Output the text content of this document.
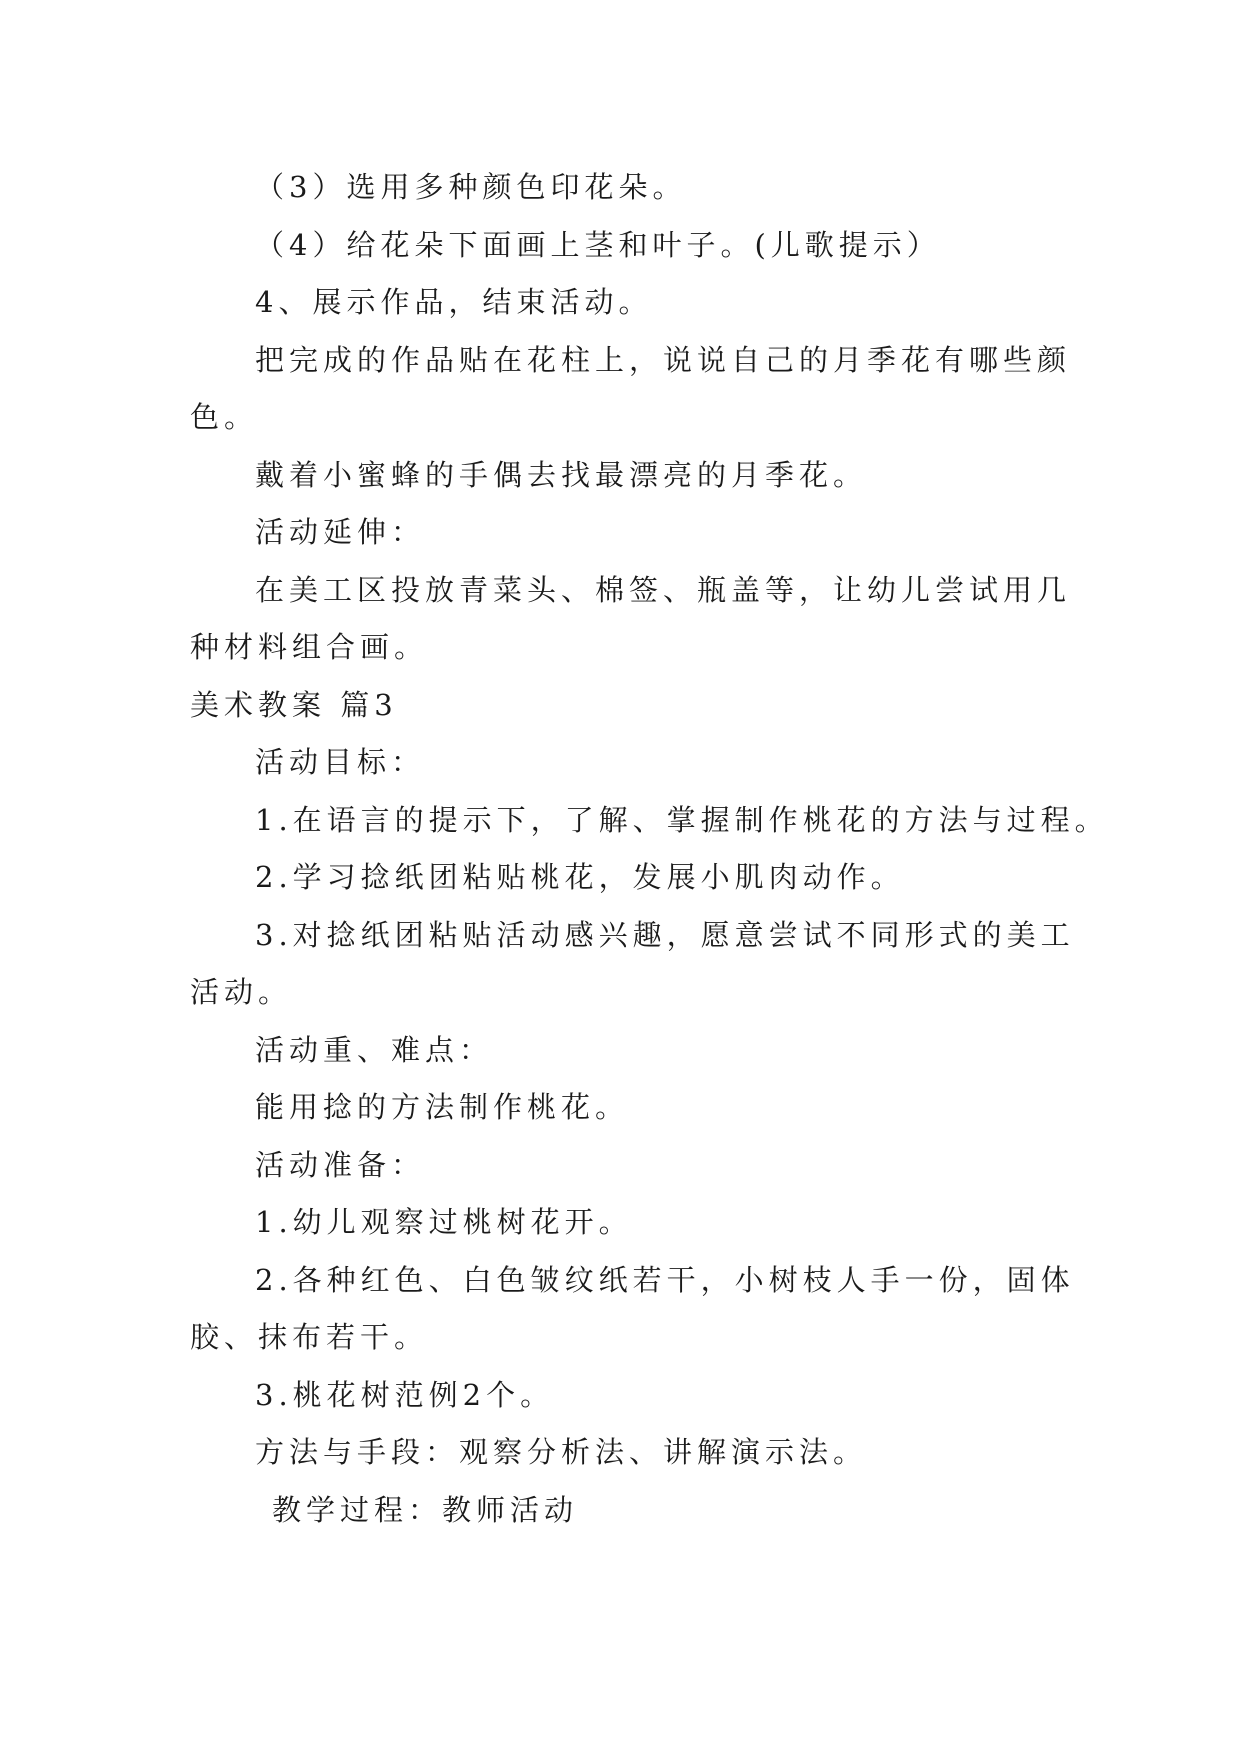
（3）选用多种颜色印花朵。
（4）给花朵下面画上茎和叶子。(儿歌提示）
4、展示作品，结束活动。
把完成的作品贴在花柱上，说说自己的月季花有哪些颜
色。
戴着小蜜蜂的手偶去找最漂亮的月季花。
活动延伸：
在美工区投放青菜头、棉签、瓶盖等，让幼儿尝试用几
种材料组合画。
美术教案 篇3
活动目标：
1.在语言的提示下，了解、掌握制作桃花的方法与过程。
2.学习捻纸团粘贴桃花，发展小肌肉动作。
3.对捻纸团粘贴活动感兴趣，愿意尝试不同形式的美工
活动。
活动重、难点：
能用捻的方法制作桃花。
活动准备：
1.幼儿观察过桃树花开。
2.各种红色、白色皱纹纸若干，小树枝人手一份，固体
胶、抹布若干。
3.桃花树范例2个。
方法与手段：观察分析法、讲解演示法。
教学过程：教师活动
